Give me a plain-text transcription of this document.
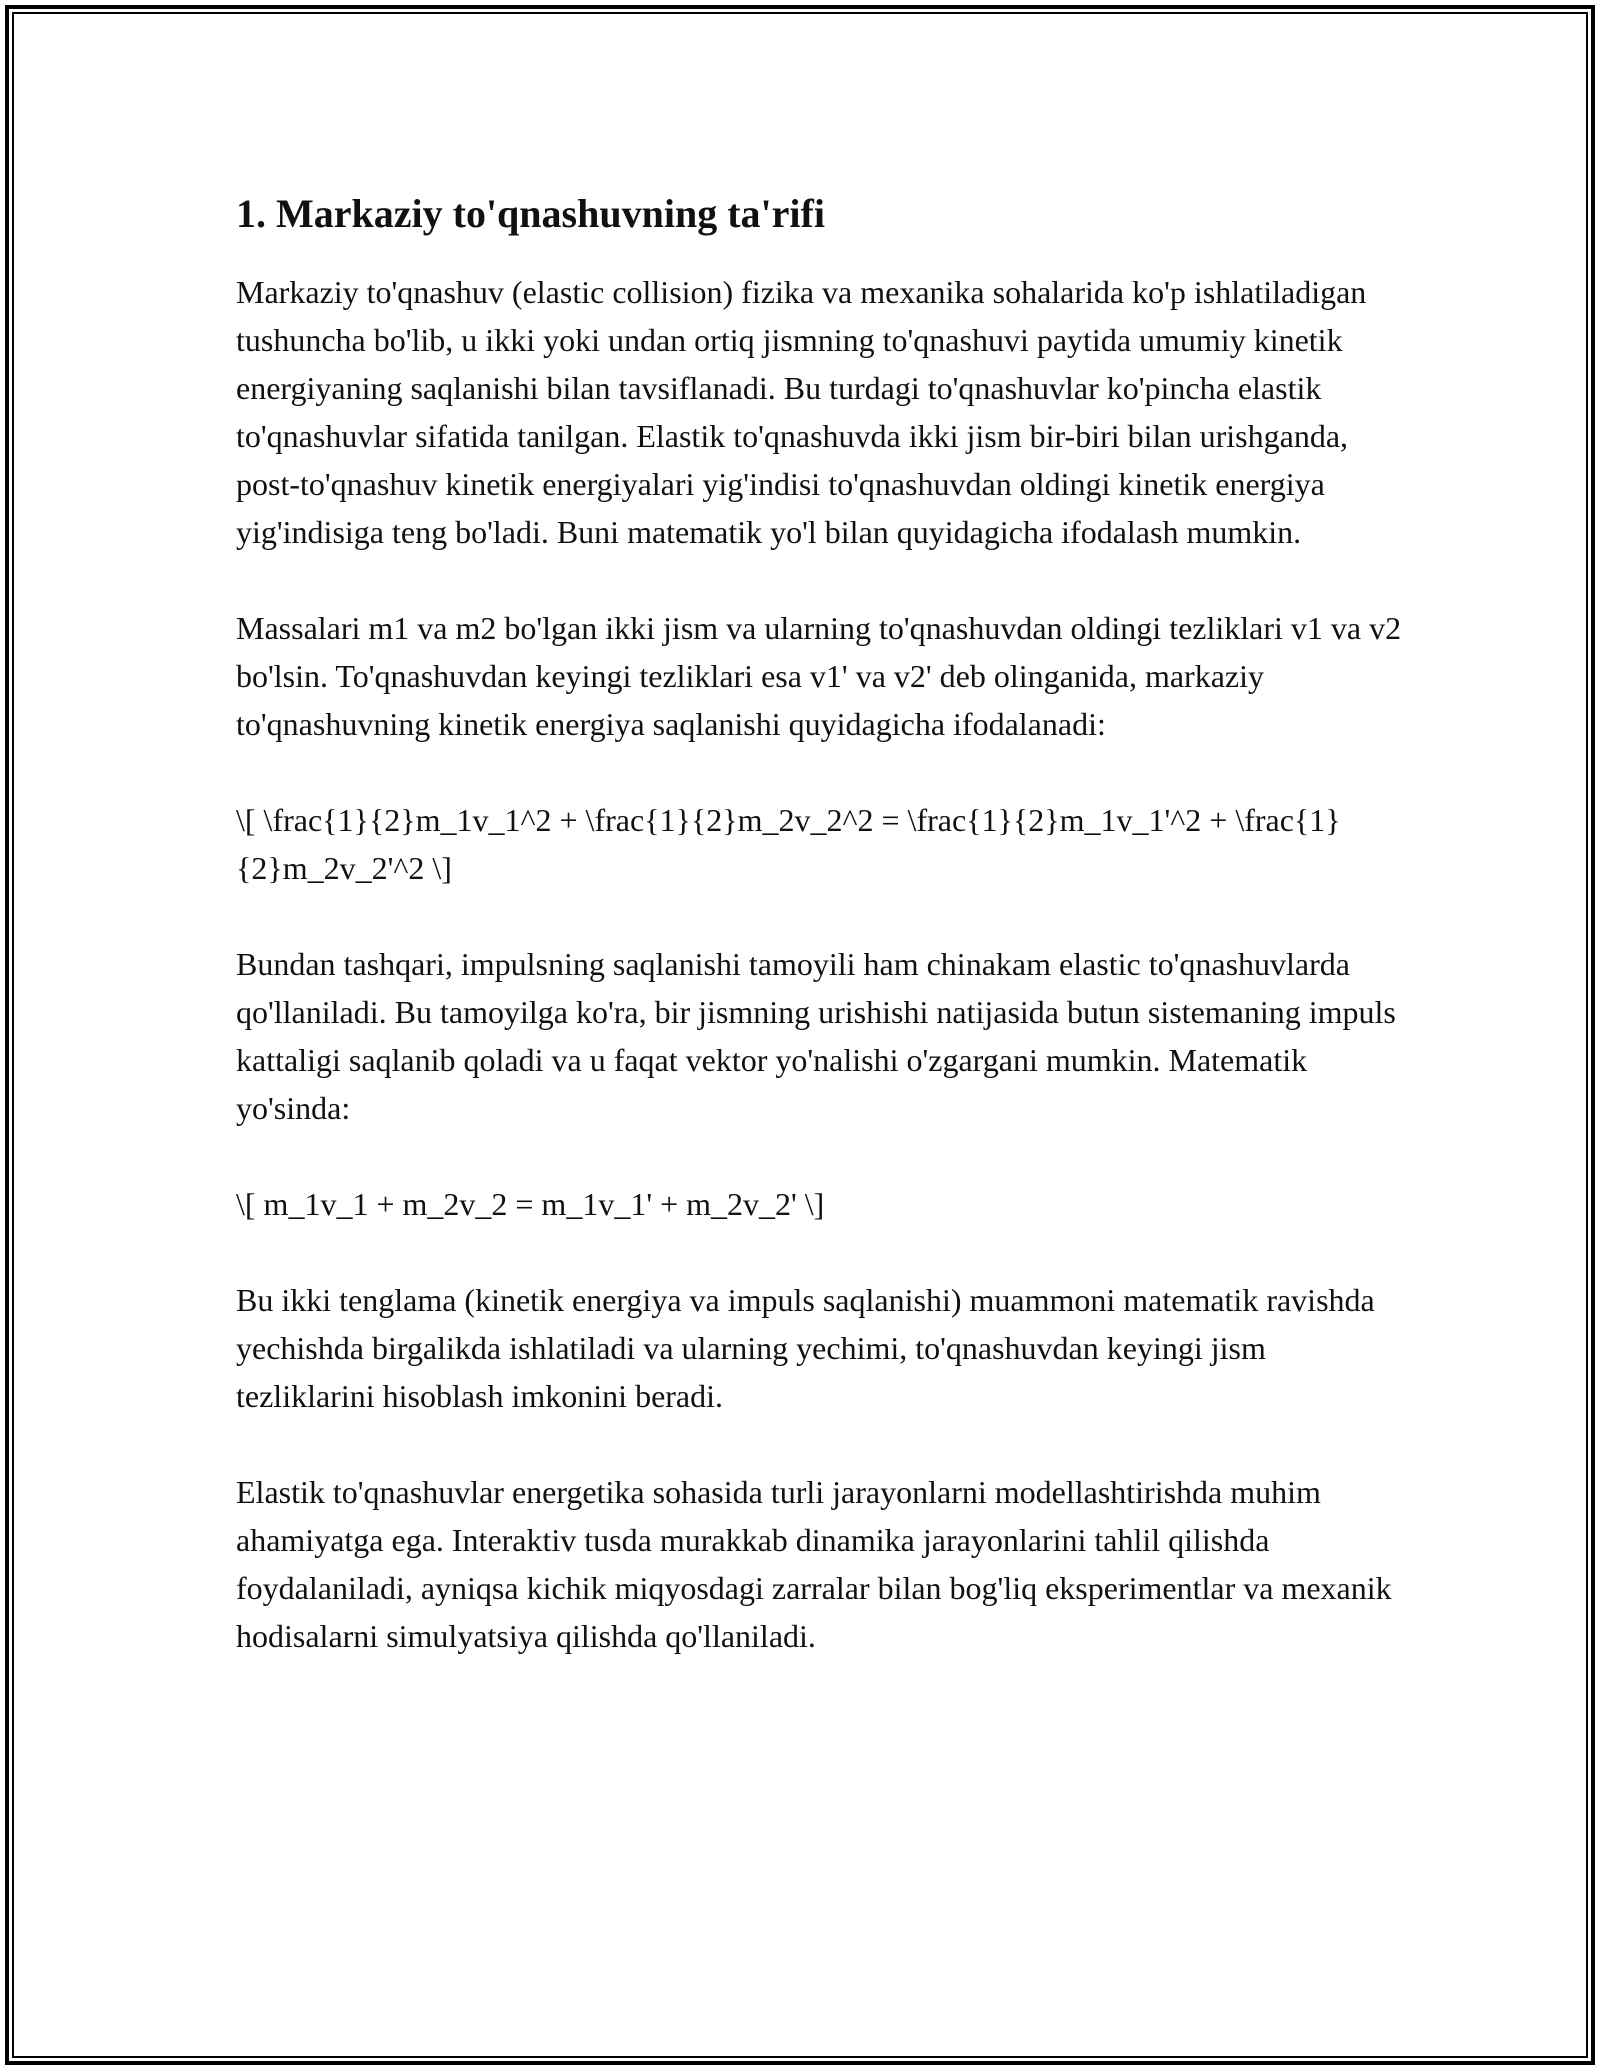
1. Markaziy to'qnashuvning ta'rifi

Markaziy to'qnashuv (elastic collision) fizika va mexanika sohalarida ko'p ishlatiladigan tushuncha bo'lib, u ikki yoki undan ortiq jismning to'qnashuvi paytida umumiy kinetik energiyaning saqlanishi bilan tavsiflanadi. Bu turdagi to'qnashuvlar ko'pincha elastik to'qnashuvlar sifatida tanilgan. Elastik to'qnashuvda ikki jism bir-biri bilan urishganda, post-to'qnashuv kinetik energiyalari yig'indisi to'qnashuvdan oldingi kinetik energiya yig'indisiga teng bo'ladi. Buni matematik yo'l bilan quyidagicha ifodalash mumkin.

Massalari m1 va m2 bo'lgan ikki jism va ularning to'qnashuvdan oldingi tezliklari v1 va v2 bo'lsin. To'qnashuvdan keyingi tezliklari esa v1' va v2' deb olinganida, markaziy to'qnashuvning kinetik energiya saqlanishi quyidagicha ifodalanadi:

\[ \frac{1}{2}m_1v_1^2 + \frac{1}{2}m_2v_2^2 = \frac{1}{2}m_1v_1'^2 + \frac{1}{2}m_2v_2'^2 \]

Bundan tashqari, impulsning saqlanishi tamoyili ham chinakam elastic to'qnashuvlarda qo'llaniladi. Bu tamoyilga ko'ra, bir jismning urishishi natijasida butun sistemaning impuls kattaligi saqlanib qoladi va u faqat vektor yo'nalishi o'zgargani mumkin. Matematik yo'sinda:

\[ m_1v_1 + m_2v_2 = m_1v_1' + m_2v_2' \]

Bu ikki tenglama (kinetik energiya va impuls saqlanishi) muammoni matematik ravishda yechishda birgalikda ishlatiladi va ularning yechimi, to'qnashuvdan keyingi jism tezliklarini hisoblash imkonini beradi.

Elastik to'qnashuvlar energetika sohasida turli jarayonlarni modellashtirishda muhim ahamiyatga ega. Interaktiv tusda murakkab dinamika jarayonlarini tahlil qilishda foydalaniladi, ayniqsa kichik miqyosdagi zarralar bilan bog'liq eksperimentlar va mexanik hodisalarni simulyatsiya qilishda qo'llaniladi.
